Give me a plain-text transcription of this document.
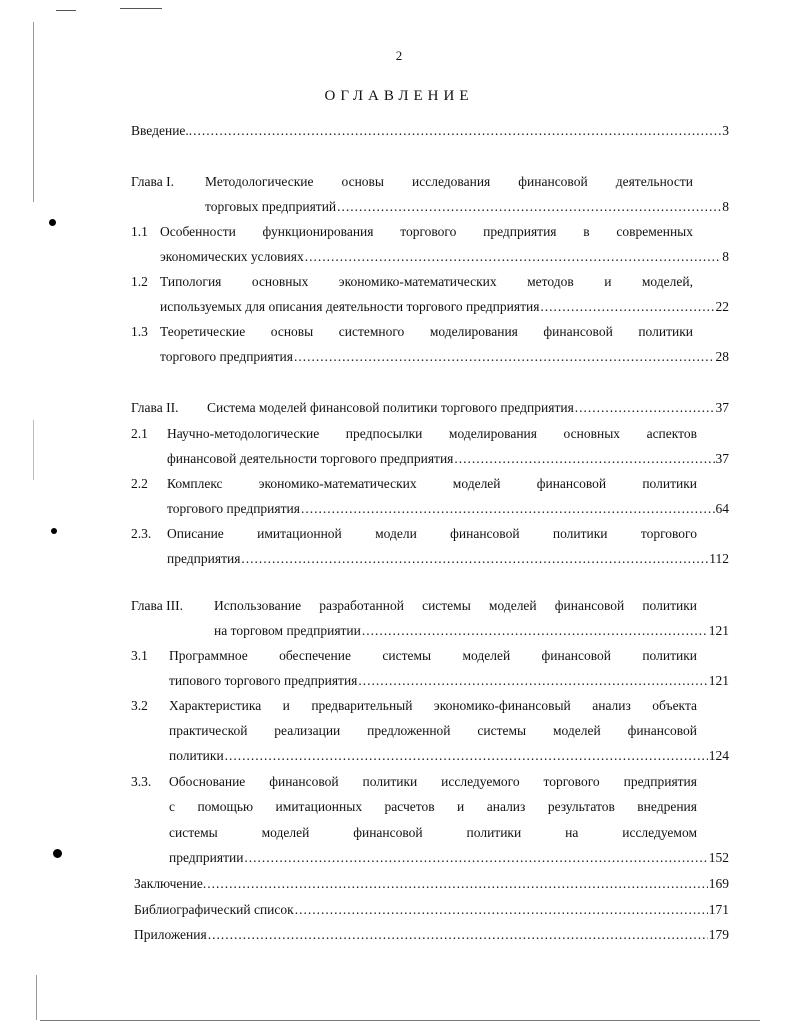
2
ОГЛАВЛЕНИЕ
Введение.. .....	3
Глава I. Методологические основы исследования финансовой деятельности
торговых предприятий .....	8
1.1 Особенности функционирования торгового предприятия в современных
экономических условиях .....	8
1.2 Типология основных экономико-математических методов и моделей,
используемых для описания деятельности торгового предприятия .....	22
1.3 Теоретические основы системного моделирования финансовой политики
торгового предприятия .....	28
Глава II.	Система моделей финансовой политики торгового предприятия .....	37
2.1 Научно-методологические предпосылки моделирования основных аспектов
финансовой деятельности торгового предприятия .....	37
2.2 Комплекс экономико-математических моделей финансовой политики
торгового предприятия .....	64
2.3. Описание имитационной модели финансовой политики торгового
предприятия .....	112
Глава III. Использование разработанной системы моделей финансовой политики
на торговом предприятии .....	121
3.1 Программное обеспечение системы моделей финансовой политики
типового торгового предприятия .....	121
3.2 Характеристика и предварительный экономико-финансовый анализ объекта
практической реализации предложенной системы моделей финансовой
политики .....	124
3.3. Обоснование финансовой политики исследуемого торгового предприятия
с помощью имитационных расчетов и анализ результатов внедрения
системы моделей финансовой политики на исследуемом
предприятии .....	152
Заключение. .....	169
Библиографический список .....	171
Приложения .....	179
